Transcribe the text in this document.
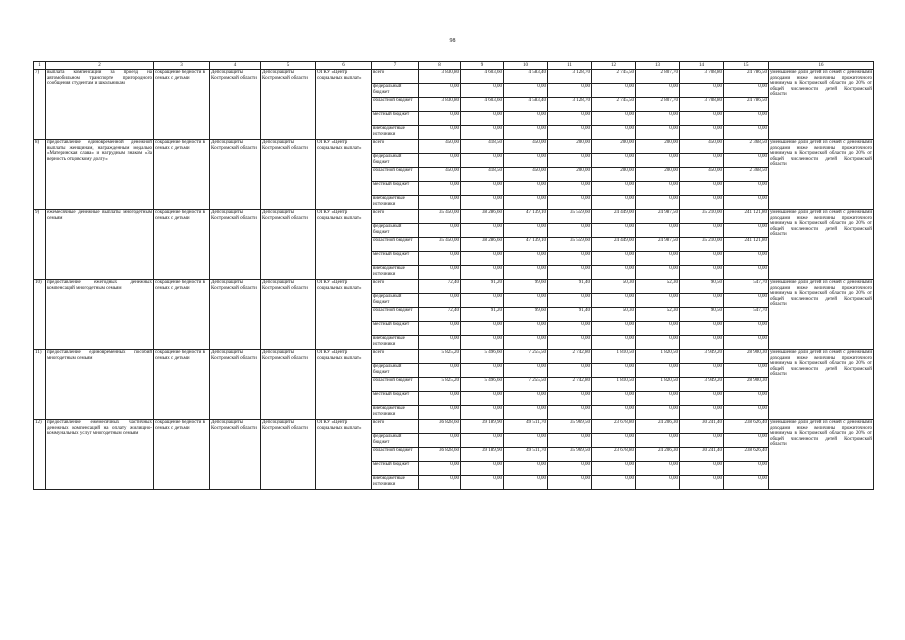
98
1	2	3	4	5	6	7	8	9	10	11	12	13	14	15	16
7)	выплата компенсации за проезд на автомобильном транспорте пригородного сообщения студентам и школьникам	сокращение бедности в семьях с детьми	Депсоцзащиты Костромской области	Депсоцзащиты Костромской области	ОГКУ «Центр социальных выплат»	всего	3 830,80	4 603,60	4 583,40	3 128,70	2 745,50	2 807,70	3 708,80	24 786,50	уменьшение доли детей из семей с денежными доходами ниже величины прожиточного минимума в Костромской области до 20% от общей численности детей Костромской области
						федеральный бюджет	0,00	0,00	0,00	0,00	0,00	0,00	0,00	0,00	
						областной бюджет	3 830,80	4 603,60	4 583,40	3 128,70	2 745,50	2 807,70	3 708,80	24 786,50	
						местный бюджет	0,00	0,00	0,00	0,00	0,00	0,00	0,00	0,00	
						внебюджетные источники	0,00	0,00	0,00	0,00	0,00	0,00	0,00	0,00	
8)	предоставление единовременной денежной выплаты женщинам, награжденным медалью «Материнская слава» и нагрудным знаком «За верность отцовскому долгу»	сокращение бедности в семьях с детьми	Депсоцзащиты Костромской области	Депсоцзащиты Костромской области	ОГКУ «Центр социальных выплат»	всего	450,00	418,50	450,00	200,00	200,00	200,00	450,00	2 368,50	уменьшение доли детей из семей с денежными доходами ниже величины прожиточного минимума в Костромской области до 20% от общей численности детей Костромской области
						федеральный бюджет	0,00	0,00	0,00	0,00	0,00	0,00	0,00	0,00	
						областной бюджет	450,00	418,50	450,00	200,00	200,00	200,00	450,00	2 368,50	
						местный бюджет	0,00	0,00	0,00	0,00	0,00	0,00	0,00	0,00	
						внебюджетные источники	0,00	0,00	0,00	0,00	0,00	0,00	0,00	0,00	
9)	ежемесячные денежные выплаты многодетным семьям	сокращение бедности в семьях с детьми	Депсоцзащиты Костромской области	Депсоцзащиты Костромской области	ОГКУ «Центр социальных выплат»	всего	35 450,00	38 286,60	47 139,10	35 559,60	24 449,00	24 987,50	35 210,00	241 121,80	уменьшение доли детей из семей с денежными доходами ниже величины прожиточного минимума в Костромской области до 20% от общей численности детей Костромской области
						федеральный бюджет	0,00	0,00	0,00	0,00	0,00	0,00	0,00	0,00	
						областной бюджет	35 450,00	38 286,60	47 139,10	35 559,60	24 449,00	24 987,50	35 210,00	241 121,80	
						местный бюджет	0,00	0,00	0,00	0,00	0,00	0,00	0,00	0,00	
						внебюджетные источники	0,00	0,00	0,00	0,00	0,00	0,00	0,00	0,00	
10)	предоставление ежегодных денежных компенсаций многодетным семьям	сокращение бедности в семьях с детьми	Депсоцзащиты Костромской области	Депсоцзащиты Костромской области	ОГКУ «Центр социальных выплат»	всего	72,40	91,20	99,60	91,40	50,30	52,30	90,50	547,70	уменьшение доли детей из семей с денежными доходами ниже величины прожиточного минимума в Костромской области до 20% от общей численности детей Костромской области
						федеральный бюджет	0,00	0,00	0,00	0,00	0,00	0,00	0,00	0,00	
						областной бюджет	72,40	91,20	99,60	91,40	50,30	52,30	90,50	547,70	
						местный бюджет	0,00	0,00	0,00	0,00	0,00	0,00	0,00	0,00	
						внебюджетные источники	0,00	0,00	0,00	0,00	0,00	0,00	0,00	0,00	
11)	предоставление единовременных пособий многодетным семьям	сокращение бедности в семьях с детьми	Депсоцзащиты Костромской области	Депсоцзащиты Костромской области	ОГКУ «Центр социальных выплат»	всего	5 825,20	5 496,60	7 255,50	2 742,80	1 810,50	1 820,50	3 949,20	28 900,30	уменьшение доли детей из семей с денежными доходами ниже величины прожиточного минимума в Костромской области до 20% от общей численности детей Костромской области
						федеральный бюджет	0,00	0,00	0,00	0,00	0,00	0,00	0,00	0,00	
						областной бюджет	5 825,20	5 496,60	7 255,50	2 742,80	1 810,50	1 820,50	3 949,20	28 900,30	
						местный бюджет	0,00	0,00	0,00	0,00	0,00	0,00	0,00	0,00	
						внебюджетные источники	0,00	0,00	0,00	0,00	0,00	0,00	0,00	0,00	
12)	предоставление ежемесячных частичных денежных компенсаций на оплату жилищно-коммунальных услуг многодетным семьям	сокращение бедности в семьях с детьми	Депсоцзащиты Костромской области	Депсоцзащиты Костромской области	ОГКУ «Центр социальных выплат»	всего	36 828,60	39 189,90	49 511,70	35 969,50	23 678,80	24 206,30	30 241,40	238 626,40	уменьшение доли детей из семей с денежными доходами ниже величины прожиточного минимума в Костромской области до 20% от общей численности детей Костромской области
						федеральный бюджет	0,00	0,00	0,00	0,00	0,00	0,00	0,00	0,00	
						областной бюджет	36 828,60	39 189,90	49 511,70	35 969,50	23 678,80	24 206,30	30 241,40	238 626,40	
						местный бюджет	0,00	0,00	0,00	0,00	0,00	0,00	0,00	0,00	
						внебюджетные источники	0,00	0,00	0,00	0,00	0,00	0,00	0,00	0,00	
